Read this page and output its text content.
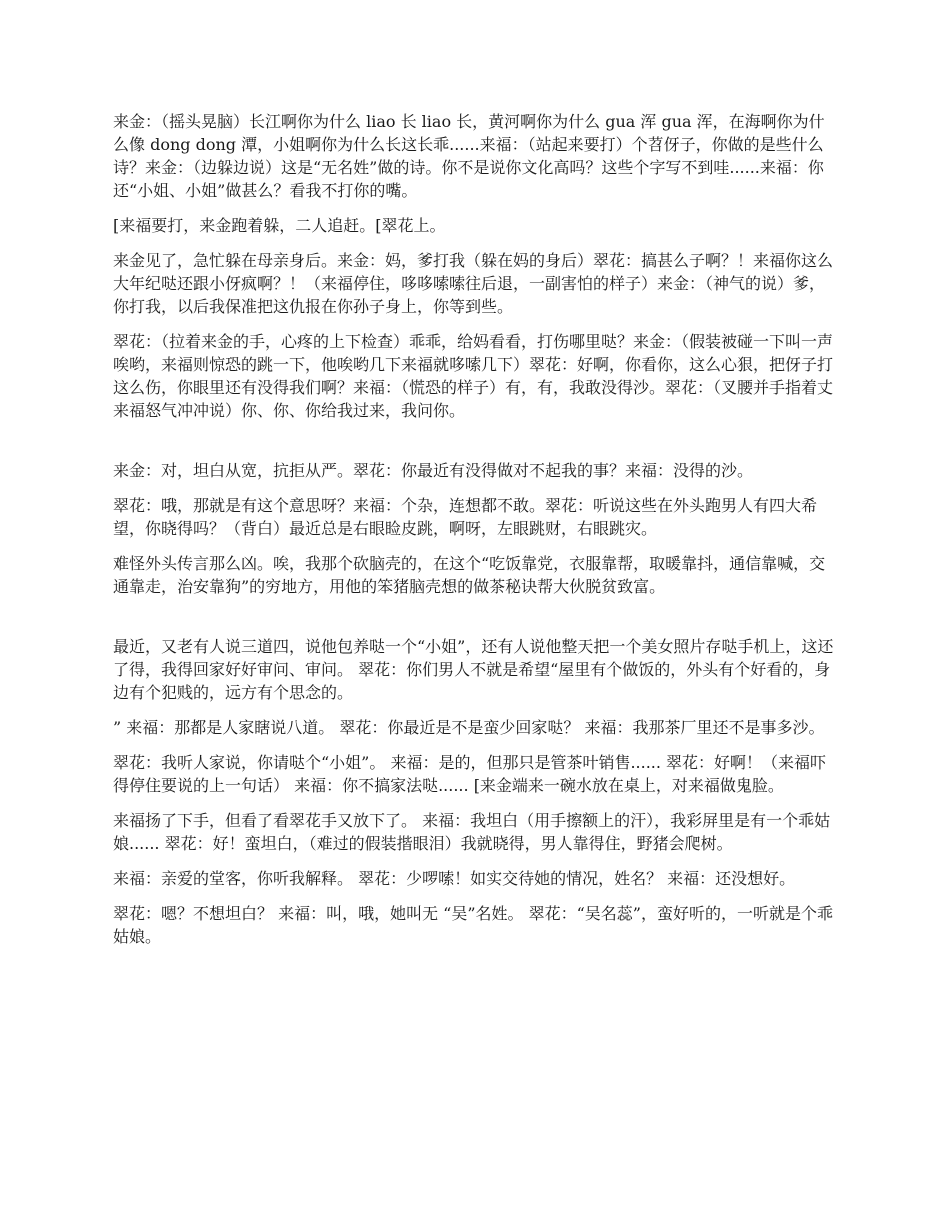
来金：（摇头晃脑）长江啊你为什么 liao 长 liao 长，黄河啊你为什么 gua 浑 gua 浑，在海啊你为什么像 dong dong 潭，小姐啊你为什么长这长乖......来福：（站起来要打）个苕伢子，你做的是些什么诗？来金：（边躲边说）这是“无名姓”做的诗。你不是说你文化高吗？这些个字写不到哇......来福：你还“小姐、小姐”做甚么？看我不打你的嘴。

[来福要打，来金跑着躲，二人追赶。[翠花上。

来金见了，急忙躲在母亲身后。来金：妈，爹打我（躲在妈的身后）翠花：搞甚么子啊？！来福你这么大年纪哒还跟小伢疯啊？！（来福停住，哆哆嗦嗦往后退，一副害怕的样子）来金：（神气的说）爹，你打我，以后我保准把这仇报在你孙子身上，你等到些。

翠花：（拉着来金的手，心疼的上下检查）乖乖，给妈看看，打伤哪里哒？来金：（假装被碰一下叫一声唉哟，来福则惊恐的跳一下，他唉哟几下来福就哆嗦几下）翠花：好啊，你看你，这么心狠，把伢子打这么伤，你眼里还有没得我们啊？来福：（慌恐的样子）有，有，我敢没得沙。翠花：（叉腰并手指着丈来福怒气冲冲说）你、你、你给我过来，我问你。

来金：对，坦白从宽，抗拒从严。翠花：你最近有没得做对不起我的事？来福：没得的沙。

翠花：哦，那就是有这个意思呀？来福：个杂，连想都不敢。翠花：听说这些在外头跑男人有四大希望，你晓得吗？（背白）最近总是右眼睑皮跳，啊呀，左眼跳财，右眼跳灾。

难怪外头传言那么凶。唉，我那个砍脑壳的，在这个“吃饭靠党，衣服靠帮，取暖靠抖，通信靠喊，交通靠走，治安靠狗”的穷地方，用他的笨猪脑壳想的做茶秘诀帮大伙脱贫致富。

最近，又老有人说三道四，说他包养哒一个“小姐”，还有人说他整天把一个美女照片存哒手机上，这还了得，我得回家好好审问、审问。 翠花：你们男人不就是希望“屋里有个做饭的，外头有个好看的，身边有个犯贱的，远方有个思念的。

” 来福：那都是人家瞎说八道。 翠花：你最近是不是蛮少回家哒？ 来福：我那茶厂里还不是事多沙。

翠花：我听人家说，你请哒个“小姐”。 来福：是的，但那只是管茶叶销售...... 翠花：好啊！（来福吓得停住要说的上一句话） 来福：你不搞家法哒...... [来金端来一碗水放在桌上，对来福做鬼脸。

来福扬了下手，但看了看翠花手又放下了。 来福：我坦白（用手擦额上的汗），我彩屏里是有一个乖姑娘...... 翠花：好！蛮坦白，（难过的假装揩眼泪）我就晓得，男人靠得住，野猪会爬树。

来福：亲爱的堂客，你听我解释。 翠花：少啰嗦！如实交待她的情况，姓名？ 来福：还没想好。

翠花：嗯？不想坦白？ 来福：叫，哦，她叫无 “吴”名姓。 翠花：“吴名蕊”，蛮好听的，一听就是个乖姑娘。
